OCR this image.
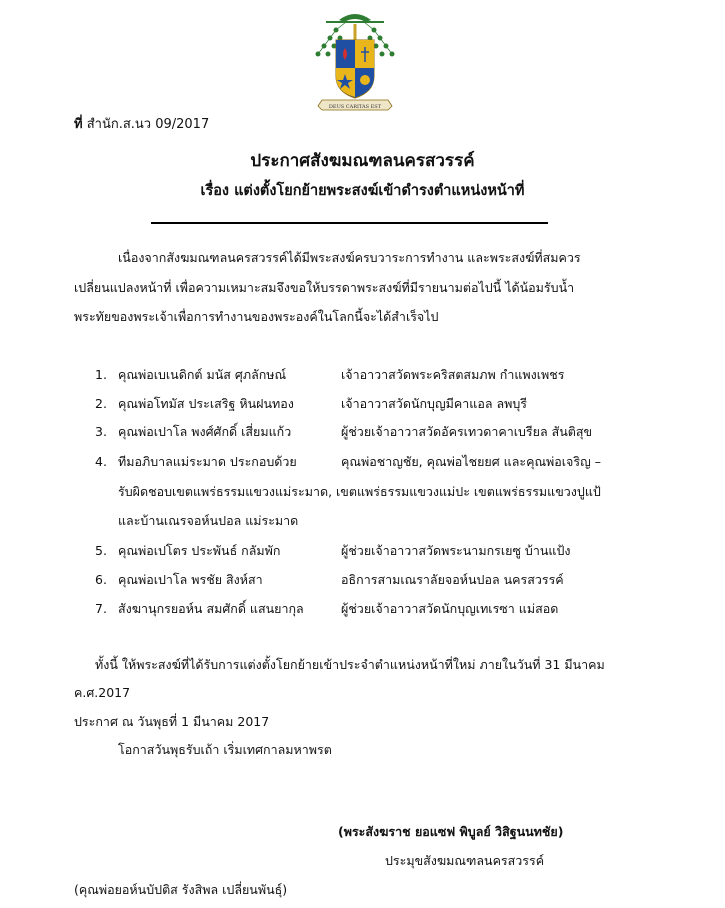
DEUS CARITAS EST
ที่ สำนัก.ส.นว 09/2017
ประกาศสังฆมณฑลนครสวรรค์
เรื่อง แต่งตั้งโยกย้ายพระสงฆ์เข้าดำรงตำแหน่งหน้าที่
เนื่องจากสังฆมณฑลนครสวรรค์ได้มีพระสงฆ์ครบวาระการทำงาน และพระสงฆ์ที่สมควร
เปลี่ยนแปลงหน้าที่ เพื่อความเหมาะสมจึงขอให้บรรดาพระสงฆ์ที่มีรายนามต่อไปนี้ ได้น้อมรับน้ำ
พระทัยของพระเจ้าเพื่อการทำงานของพระองค์ในโลกนี้จะได้สำเร็จไป
1. คุณพ่อเบเนดิกต์ มนัส ศุภลักษณ์	เจ้าอาวาสวัดพระคริสตสมภพ กำแพงเพชร
2. คุณพ่อโทมัส ประเสริฐ หินฝนทอง	เจ้าอาวาสวัดนักบุญมีคาแอล ลพบุรี
3. คุณพ่อเปาโล พงศ์ศักดิ์ เสี่ยมแก้ว	ผู้ช่วยเจ้าอาวาสวัดอัครเทวดาคาเบรียล สันติสุข
4. ทีมอภิบาลแม่ระมาด ประกอบด้วย	คุณพ่อชาญชัย, คุณพ่อไชยยศ และคุณพ่อเจริญ –
รับผิดชอบเขตแพร่ธรรมแขวงแม่ระมาด, เขตแพร่ธรรมแขวงแม่ปะ เขตแพร่ธรรมแขวงปูแป้
และบ้านเณรจอห์นปอล แม่ระมาด
5. คุณพ่อเปโตร ประพันธ์ กลัมพัก	ผู้ช่วยเจ้าอาวาสวัดพระนามกรเยซู บ้านแป้ง
6. คุณพ่อเปาโล พรชัย สิงห์สา	อธิการสามเณราลัยจอห์นปอล นครสวรรค์
7. สังฆานุกรยอห์น สมศักดิ์ แสนยากุล	ผู้ช่วยเจ้าอาวาสวัดนักบุญเทเรซา แม่สอด
ทั้งนี้ ให้พระสงฆ์ที่ได้รับการแต่งตั้งโยกย้ายเข้าประจำตำแหน่งหน้าที่ใหม่ ภายในวันที่ 31 มีนาคม
ค.ศ.2017
ประกาศ ณ วันพุธที่ 1 มีนาคม 2017
โอกาสวันพุธรับเถ้า เริ่มเทศกาลมหาพรต
(พระสังฆราช ยอแซฟ พิบูลย์ วิสิฐนนทชัย)
ประมุขสังฆมณฑลนครสวรรค์
(คุณพ่อยอห์นบัปติส รังสิพล เปลี่ยนพันธุ์)
